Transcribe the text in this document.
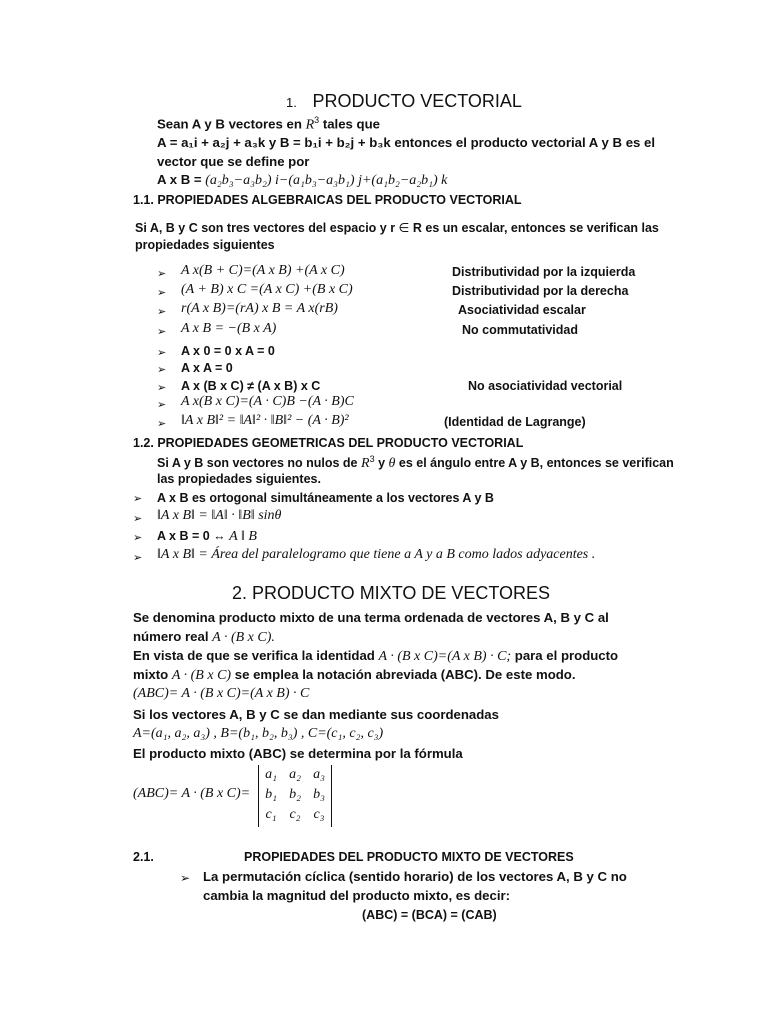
1. PRODUCTO VECTORIAL
Sean A y B vectores en $R^3$ tales que
A = a₁i + a₂j + a₃k y B = b₁i + b₂j + b₃k entonces el producto vectorial A y B es el
vector que se define por
A x B = (a₂b₃−a₃b₂) i−(a₁b₃−a₃b₁) j+(a₁b₂−a₂b₁) k
1.1. PROPIEDADES ALGEBRAICAS DEL PRODUCTO VECTORIAL
Si A, B y C son tres vectores del espacio y r ∈ R es un escalar, entonces se verifican las
propiedades siguientes
➢ A x(B + C)=(A x B) +(A x C)	Distributividad por la izquierda
➢ (A + B) x C =(A x C) +(B x C)	Distributividad por la derecha
➢ r(A x B)=(rA) x B = A x(rB)	Asociatividad escalar
➢ A x B = −(B x A)	No commutatividad
➢ A x 0 = 0 x A = 0
➢ A x A = 0
➢ A x (B x C) ≠ (A x B) x C	No asociatividad vectorial
➢ A x(B x C)=(A · C)B −(A · B)C
➢ ‖A x B‖² = ‖A‖² · ‖B‖² − (A · B)²	(Identidad de Lagrange)
1.2. PROPIEDADES GEOMETRICAS DEL PRODUCTO VECTORIAL
Si A y B son vectores no nulos de $R^3$ y θ es el ángulo entre A y B, entonces se verifican
las propiedades siguientes.
➢ A x B es ortogonal simultáneamente a los vectores A y B
➢ ‖A x B‖ = ‖A‖ · ‖B‖ sinθ
➢ A x B = 0 ↔ A ‖ B
➢ ‖A x B‖ = Área del paralelogramo que tiene a A y a B como lados adyacentes .
2. PRODUCTO MIXTO DE VECTORES
Se denomina producto mixto de una terma ordenada de vectores A, B y C al
número real A · (B x C).
En vista de que se verifica la identidad A · (B x C)=(A x B) · C; para el producto
mixto A · (B x C) se emplea la notación abreviada (ABC). De este modo.
(ABC)= A · (B x C)=(A x B) · C
Si los vectores A, B y C se dan mediante sus coordenadas
A=(a₁, a₂, a₃) , B=(b₁, b₂, b₃) , C=(c₁, c₂, c₃)
El producto mixto (ABC) se determina por la fórmula
(ABC)= A · (B x C)=
a₁ a₂ a₃
b₁ b₂ b₃
c₁ c₂ c₃
2.1.	PROPIEDADES DEL PRODUCTO MIXTO DE VECTORES
➢ La permutación cíclica (sentido horario) de los vectores A, B y C no
cambia la magnitud del producto mixto, es decir:
(ABC) = (BCA) = (CAB)
